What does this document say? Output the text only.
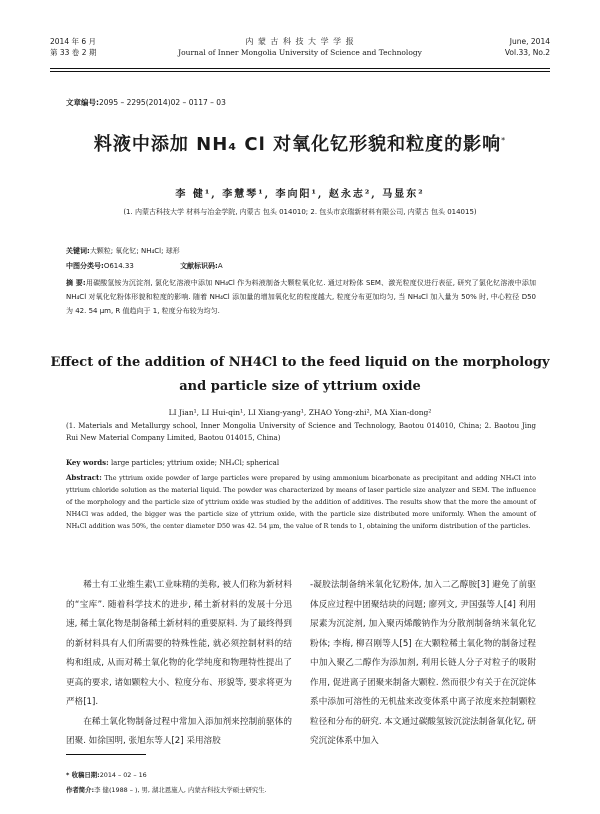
2014 年 6 月
第 33 卷 2 期
内 蒙 古 科 技 大 学 学 报
Journal of Inner Mongolia University of Science and Technology
June, 2014
Vol.33, No.2
文章编号:2095 – 2295(2014)02 – 0117 – 03
料液中添加 NH₄ Cl 对氧化钇形貌和粒度的影响*
李 健¹, 李慧琴¹, 李向阳¹, 赵永志², 马显东²
(1. 内蒙古科技大学 材料与冶金学院, 内蒙古 包头 014010; 2. 包头市京瑞新材料有限公司, 内蒙古 包头 014015)
关键词:大颗粒; 氧化钇; NH₄Cl; 球形
中图分类号:O614.33	文献标识码:A
摘 要:用碳酸氢铵为沉淀剂, 氯化钇溶液中添加 NH₄Cl 作为料液制备大颗粒氧化钇. 通过对粉体 SEM、激光粒度仪进行表征, 研究了氯化钇溶液中添加 NH₄Cl 对氧化钇粉体形貌和粒度的影响. 随着 NH₄Cl 添加量的增加氧化钇的粒度越大, 粒度分布更加均匀, 当 NH₄Cl 加入量为 50% 时, 中心粒径 D50 为 42. 54 μm, R 值趋向于 1, 粒度分布较为均匀.
Effect of the addition of NH4Cl to the feed liquid on the morphology
and particle size of yttrium oxide
LI Jian¹, LI Hui-qin¹, LI Xiang-yang¹, ZHAO Yong-zhi², MA Xian-dong²
(1. Materials and Metallurgy school, Inner Mongolia University of Science and Technology, Baotou 014010, China; 2. Baotou Jing Rui New Material Company Limited, Baotou 014015, China)
Key words: large particles; yttrium oxide; NH₄Cl; spherical
Abstract: The yttrium oxide powder of large particles were prepared by using ammonium bicarbonate as precipitant and adding NH₄Cl into yttrium chloride solution as the material liquid. The powder was characterized by means of laser particle size analyzer and SEM. The influence of the morphology and the particle size of yttrium oxide was studied by the addition of additives. The results show that the more the amount of NH4Cl was added, the bigger was the particle size of yttrium oxide, with the particle size distributed more uniformly. When the amount of NH₄Cl addition was 50%, the center diameter D50 was 42. 54 μm, the value of R tends to 1, obtaining the uniform distribution of the particles.

稀土有工业维生素\工业味精的美称, 被人们称为新材料的“宝库”. 随着科学技术的进步, 稀土新材料的发展十分迅速, 稀土氧化物是制备稀土新材料的重要原料. 为了最终得到的新材料具有人们所需要的特殊性能, 就必须控制材料的结构和组成, 从而对稀土氧化物的化学纯度和物理特性提出了更高的要求, 诸如颗粒大小、粒度分布、形貌等, 要求将更为严格[1].

在稀土氧化物制备过程中常加入添加剂来控制前驱体的团聚. 如徐国明, 张旭东等人[2] 采用溶胶

-凝胶法制备纳米氧化钇粉体, 加入二乙醇胺[3] 避免了前驱体反应过程中团聚结块的问题; 廖列文, 尹国强等人[4] 利用尿素为沉淀剂, 加入聚丙烯酸钠作为分散剂制备纳米氧化钇粉体; 李梅, 柳召刚等人[5] 在大颗粒稀土氧化物的制备过程中加入聚乙二醇作为添加剂, 利用长链人分子对粒子的吸附作用, 促进离子团聚来制备大颗粒. 然而很少有关于在沉淀体系中添加可溶性的无机盐来改变体系中离子浓度来控制颗粒粒径和分布的研究. 本文通过碳酸氢铵沉淀法制备氧化钇, 研究沉淀体系中加入

* 收稿日期:2014 – 02 – 16
作者简介:李 健(1988 – ), 男, 湖北恩施人, 内蒙古科技大学硕士研究生.
